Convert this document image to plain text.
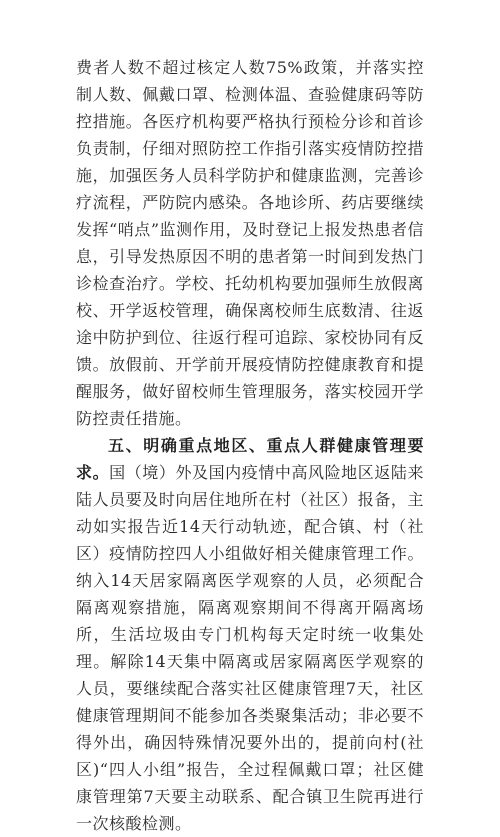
费者人数不超过核定人数75%政策，并落实控制人数、佩戴口罩、检测体温、查验健康码等防控措施。各医疗机构要严格执行预检分诊和首诊负责制，仔细对照防控工作指引落实疫情防控措施，加强医务人员科学防护和健康监测，完善诊疗流程，严防院内感染。各地诊所、药店要继续发挥“哨点”监测作用，及时登记上报发热患者信息，引导发热原因不明的患者第一时间到发热门诊检查治疗。学校、托幼机构要加强师生放假离校、开学返校管理，确保离校师生底数清、往返途中防护到位、往返行程可追踪、家校协同有反馈。放假前、开学前开展疫情防控健康教育和提醒服务，做好留校师生管理服务，落实校园开学防控责任措施。

五、明确重点地区、重点人群健康管理要求。国（境）外及国内疫情中高风险地区返陆来陆人员要及时向居住地所在村（社区）报备，主动如实报告近14天行动轨迹，配合镇、村（社区）疫情防控四人小组做好相关健康管理工作。纳入14天居家隔离医学观察的人员，必须配合隔离观察措施，隔离观察期间不得离开隔离场所，生活垃圾由专门机构每天定时统一收集处理。解除14天集中隔离或居家隔离医学观察的人员，要继续配合落实社区健康管理7天，社区健康管理期间不能参加各类聚集活动；非必要不得外出，确因特殊情况要外出的，提前向村(社区)“四人小组”报告，全过程佩戴口罩；社区健康管理第7天要主动联系、配合镇卫生院再进行一次核酸检测。
